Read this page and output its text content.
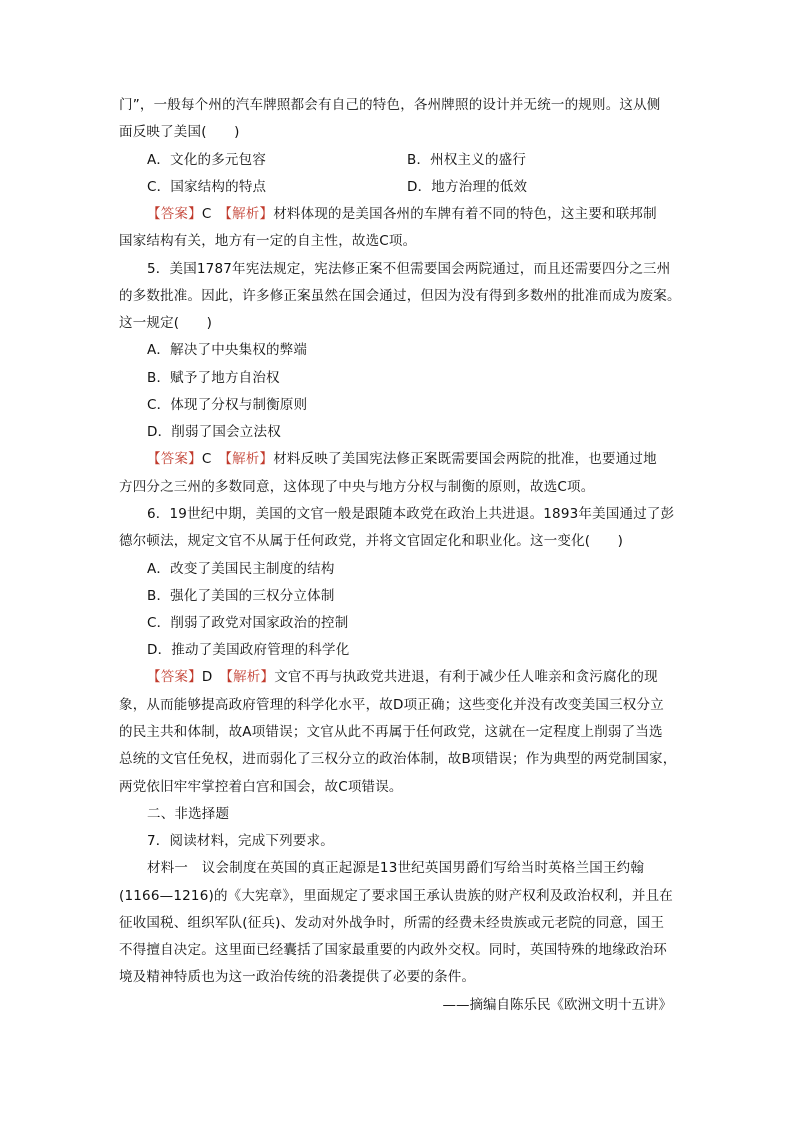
门”，一般每个州的汽车牌照都会有自己的特色，各州牌照的设计并无统一的规则。这从侧
面反映了美国(　　)
A．文化的多元包容	B．州权主义的盛行
C．国家结构的特点	D．地方治理的低效
【答案】C　 【解析】材料体现的是美国各州的车牌有着不同的特色，这主要和联邦制
国家结构有关，地方有一定的自主性，故选C项。
5．美国1787年宪法规定，宪法修正案不但需要国会两院通过，而且还需要四分之三州
的多数批准。因此，许多修正案虽然在国会通过，但因为没有得到多数州的批准而成为废案。
这一规定(　　)
A．解决了中央集权的弊端
B．赋予了地方自治权
C．体现了分权与制衡原则
D．削弱了国会立法权
【答案】C　 【解析】材料反映了美国宪法修正案既需要国会两院的批准，也要通过地
方四分之三州的多数同意，这体现了中央与地方分权与制衡的原则，故选C项。
6．19世纪中期，美国的文官一般是跟随本政党在政治上共进退。1893年美国通过了彭
德尔顿法，规定文官不从属于任何政党，并将文官固定化和职业化。这一变化(　　)
A．改变了美国民主制度的结构
B．强化了美国的三权分立体制
C．削弱了政党对国家政治的控制
D．推动了美国政府管理的科学化
【答案】D　 【解析】文官不再与执政党共进退，有利于减少任人唯亲和贪污腐化的现
象，从而能够提高政府管理的科学化水平，故D项正确；这些变化并没有改变美国三权分立
的民主共和体制，故A项错误；文官从此不再属于任何政党，这就在一定程度上削弱了当选
总统的文官任免权，进而弱化了三权分立的政治体制，故B项错误；作为典型的两党制国家，
两党依旧牢牢掌控着白宫和国会，故C项错误。
二、非选择题
7．阅读材料，完成下列要求。
材料一　议会制度在英国的真正起源是13世纪英国男爵们写给当时英格兰国王约翰
(1166—1216)的《大宪章》，里面规定了要求国王承认贵族的财产权利及政治权利，并且在
征收国税、组织军队(征兵)、发动对外战争时，所需的经费未经贵族或元老院的同意，国王
不得擅自决定。这里面已经囊括了国家最重要的内政外交权。同时，英国特殊的地缘政治环
境及精神特质也为这一政治传统的沿袭提供了必要的条件。
——摘编自陈乐民《欧洲文明十五讲》
